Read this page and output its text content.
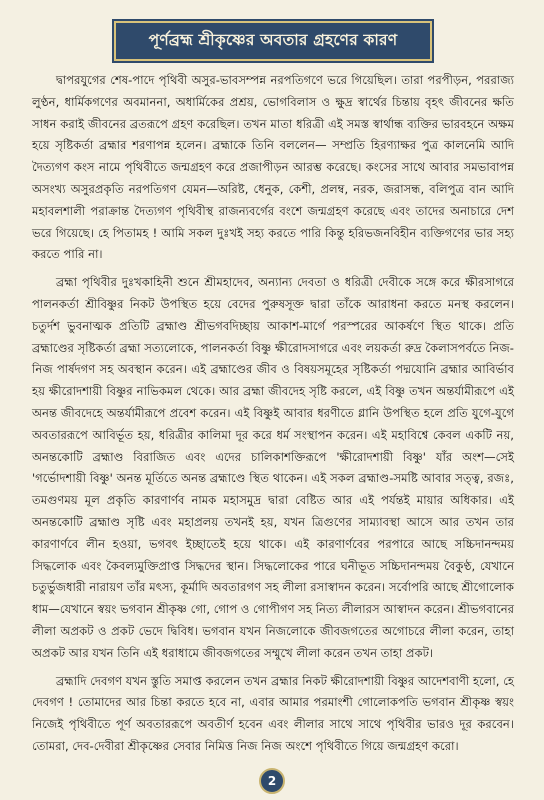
পূর্ণব্রহ্ম শ্রীকৃষ্ণের অবতার গ্রহণের কারণ

দ্বাপরযুগের শেষ-পাদে পৃথিবী অসুর-ভাবসম্পন্ন নরপতিগণে ভরে গিয়েছিল। তারা পরপীড়ন, পররাজ্য লুণ্ঠন, ধার্মিকগণের অবমাননা, অধার্মিকের প্রশ্রয়, ভোগবিলাস ও ক্ষুদ্র স্বার্থের চিন্তায় বৃহৎ জীবনের ক্ষতি সাধন করাই জীবনের ব্রতরূপে গ্রহণ করেছিল। তখন মাতা ধরিত্রী এই সমস্ত স্বার্থান্ধ ব্যক্তির ভারবহনে অক্ষম হয়ে সৃষ্টিকর্তা ব্রহ্মার শরণাপন্ন হলেন। ব্রহ্মাকে তিনি বললেন— সম্প্রতি হিরণ্যাক্ষর পুত্র কালনেমি আদি দৈত্যগণ কংস নামে পৃথিবীতে জন্মগ্রহণ করে প্রজাপীড়ন আরম্ভ করেছে। কংসের সাথে আবার সমভাবাপন্ন অসংখ্য অসুরপ্রকৃতি নরপতিগণ যেমন—অরিষ্ট, ধেনুক, কেশী, প্রলম্ব, নরক, জরাসন্ধ, বলিপুত্র বান আদি মহাবলশালী পরাক্রান্ত দৈত্যগণ পৃথিবীস্থ রাজন্যবর্গের বংশে জন্মগ্রহণ করেছে এবং তাদের অনাচারে দেশ ভরে গিয়েছে। হে পিতামহ ! আমি সকল দুঃখই সহ্য করতে পারি কিন্তু হরিভজনবিহীন ব্যক্তিগণের ভার সহ্য করতে পারি না।

ব্রহ্মা পৃথিবীর দুঃখকাহিনী শুনে শ্রীমহাদেব, অন্যান্য দেবতা ও ধরিত্রী দেবীকে সঙ্গে করে ক্ষীরসাগরে পালনকর্তা শ্রীবিষ্ণুর নিকট উপস্থিত হয়ে বেদের পুরুষসূক্ত দ্বারা তাঁকে আরাধনা করতে মনস্থ করলেন। চতুর্দশ ভুবনাত্মক প্রতিটি ব্রহ্মাণ্ড শ্রীভগবদিচ্ছায় আকাশ-মার্গে পরস্পরের আকর্ষণে স্থিত থাকে। প্রতি ব্রহ্মাণ্ডের সৃষ্টিকর্তা ব্রহ্মা সত্যলোকে, পালনকর্তা বিষ্ণু ক্ষীরোদসাগরে এবং লয়কর্তা রুদ্র কৈলাসপর্বতে নিজ-নিজ পার্ষদগণ সহ অবস্থান করেন। এই ব্রহ্মাণ্ডের জীব ও বিষয়সমূহের সৃষ্টিকর্তা পদ্মযোনি ব্রহ্মার আবির্ভাব হয় ক্ষীরোদশায়ী বিষ্ণুর নাভিকমল থেকে। আর ব্রহ্মা জীবদেহ সৃষ্টি করলে, এই বিষ্ণু তখন অন্তর্যামীরূপে এই অনন্ত জীবদেহে অন্তর্যামীরূপে প্রবেশ করেন। এই বিষ্ণুই আবার ধরণীতে গ্লানি উপস্থিত হলে প্রতি যুগে-যুগে অবতাররূপে আবির্ভূত হয়, ধরিত্রীর কালিমা দূর করে ধর্ম সংস্থাপন করেন। এই মহাবিশ্বে কেবল একটি নয়, অনন্তকোটি ব্রহ্মাণ্ড বিরাজিত এবং এদের চালিকাশক্তিরূপে 'ক্ষীরোদশায়ী বিষ্ণু' যাঁর অংশ—সেই 'গর্ভোদশায়ী বিষ্ণু' অনন্ত মূর্তিতে অনন্ত ব্রহ্মাণ্ডে স্থিত থাকেন। এই সকল ব্রহ্মাণ্ড-সমষ্টি আবার সত্ত্ব, রজঃ, তমগুণময় মূল প্রকৃতি কারণার্ণব নামক মহাসমুদ্র দ্বারা বেষ্টিত আর এই পর্যন্তই মায়ার অধিকার। এই অনন্তকোটি ব্রহ্মাণ্ড সৃষ্টি এবং মহাপ্রলয় তখনই হয়, যখন ত্রিগুণের সাম্যাবস্থা আসে আর তখন তার কারণার্ণবে লীন হওয়া, ভগবৎ ইচ্ছাতেই হয়ে থাকে। এই কারণার্ণবের পরপারে আছে সচ্চিদানন্দময় সিদ্ধলোক এবং কৈবল্যমুক্তিপ্রাপ্ত সিদ্ধদের স্থান। সিদ্ধলোকের পারে ঘনীভূত সচ্চিদানন্দময় বৈকুণ্ঠ, যেখানে চতুর্ভুজধারী নারায়ণ তাঁর মৎস্য, কূর্মাদি অবতারগণ সহ লীলা রসাস্বাদন করেন। সর্বোপরি আছে শ্রীগোলোক ধাম—যেখানে স্বয়ং ভগবান শ্রীকৃষ্ণ গো, গোপ ও গোপীগণ সহ নিত্য লীলারস আস্বাদন করেন। শ্রীভগবানের লীলা অপ্রকট ও প্রকট ভেদে দ্বিবিধ। ভগবান যখন নিজলোকে জীবজগতের অগোচরে লীলা করেন, তাহা অপ্রকট আর যখন তিনি এই ধরাধামে জীবজগতের সম্মুখে লীলা করেন তখন তাহা প্রকট।

ব্রহ্মাদি দেবগণ যখন স্তুতি সমাপ্ত করলেন তখন ব্রহ্মার নিকট ক্ষীরোদশায়ী বিষ্ণুর আদেশবাণী হলো, হে দেবগণ ! তোমাদের আর চিন্তা করতে হবে না, এবার আমার পরমাংশী গোলোকপতি ভগবান শ্রীকৃষ্ণ স্বয়ং নিজেই পৃথিবীতে পূর্ণ অবতাররূপে অবতীর্ণ হবেন এবং লীলার সাথে সাথে পৃথিবীর ভারও দূর করবেন। তোমরা, দেব-দেবীরা শ্রীকৃষ্ণের সেবার নিমিত্ত নিজ নিজ অংশে পৃথিবীতে গিয়ে জন্মগ্রহণ করো।

2
